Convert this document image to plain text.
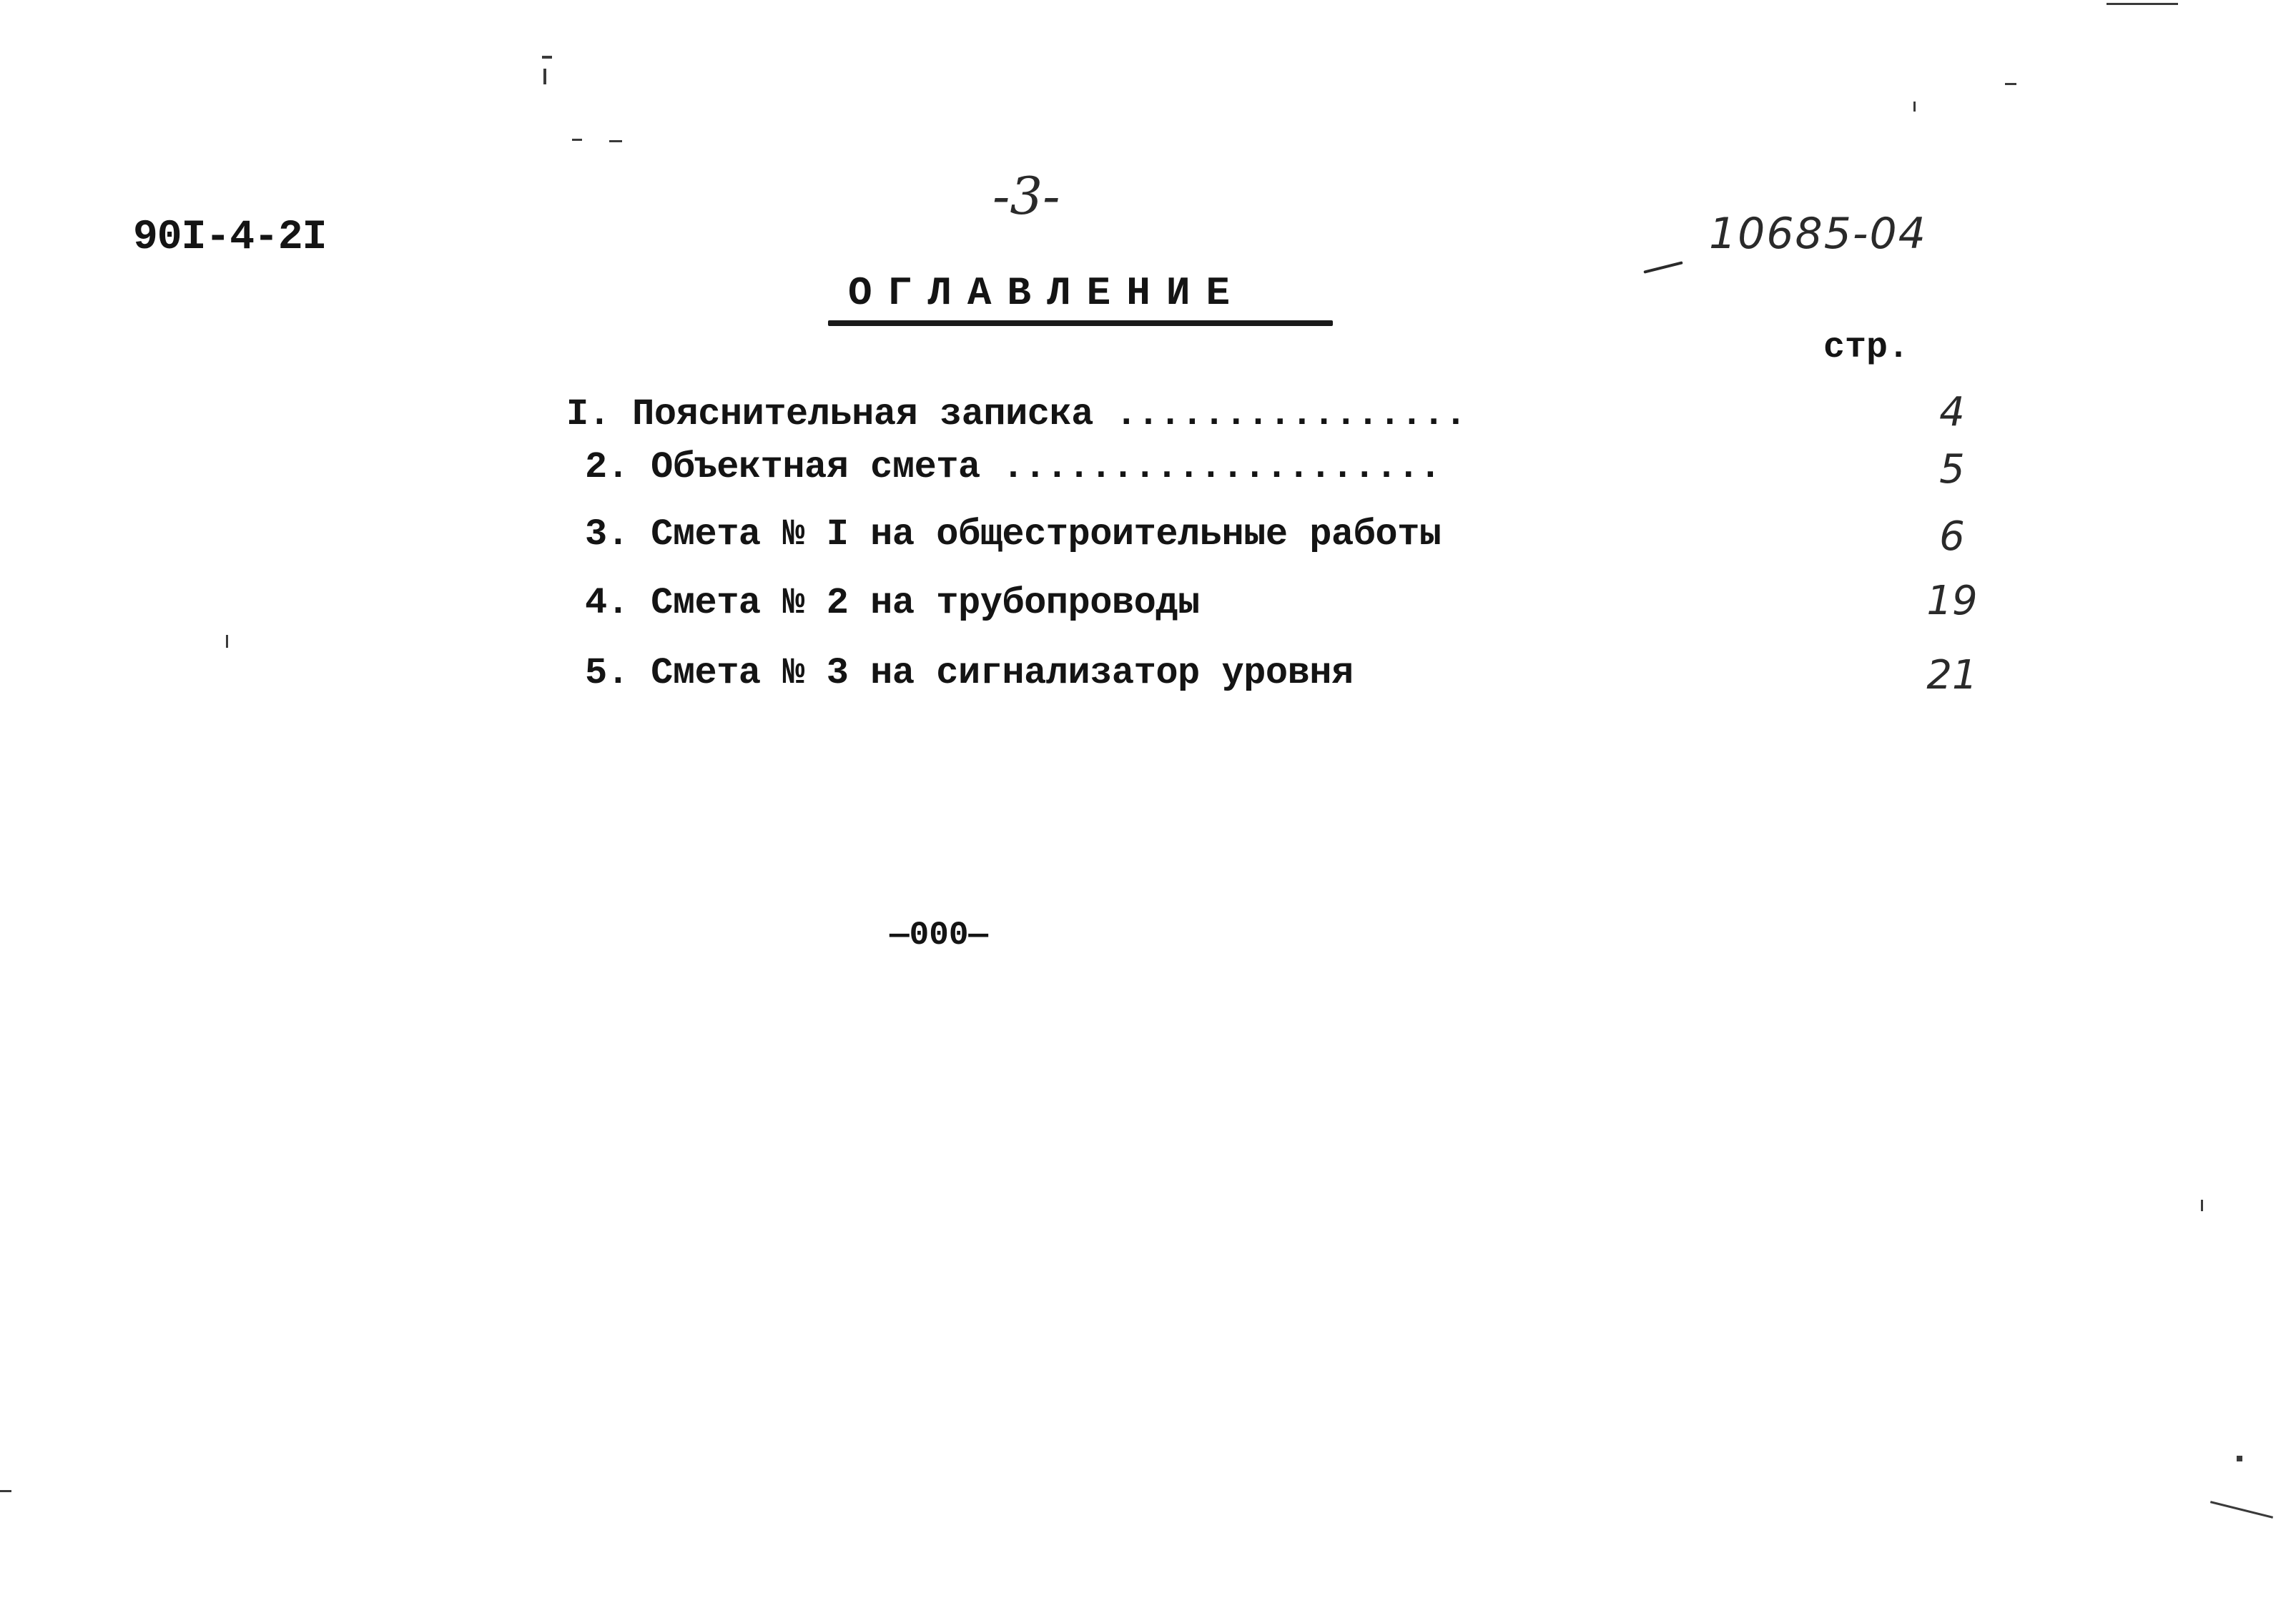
90I-4-2I
-3-
10685-04
ОГЛАВЛЕНИЕ
стр.
I. Пояснительная записка ................	4
2. Объектная смета ....................	5
3. Смета № I на общестроительные работы	6
4. Смета № 2 на трубопроводы	19
5. Смета № 3 на сигнализатор уровня	21
—000—
